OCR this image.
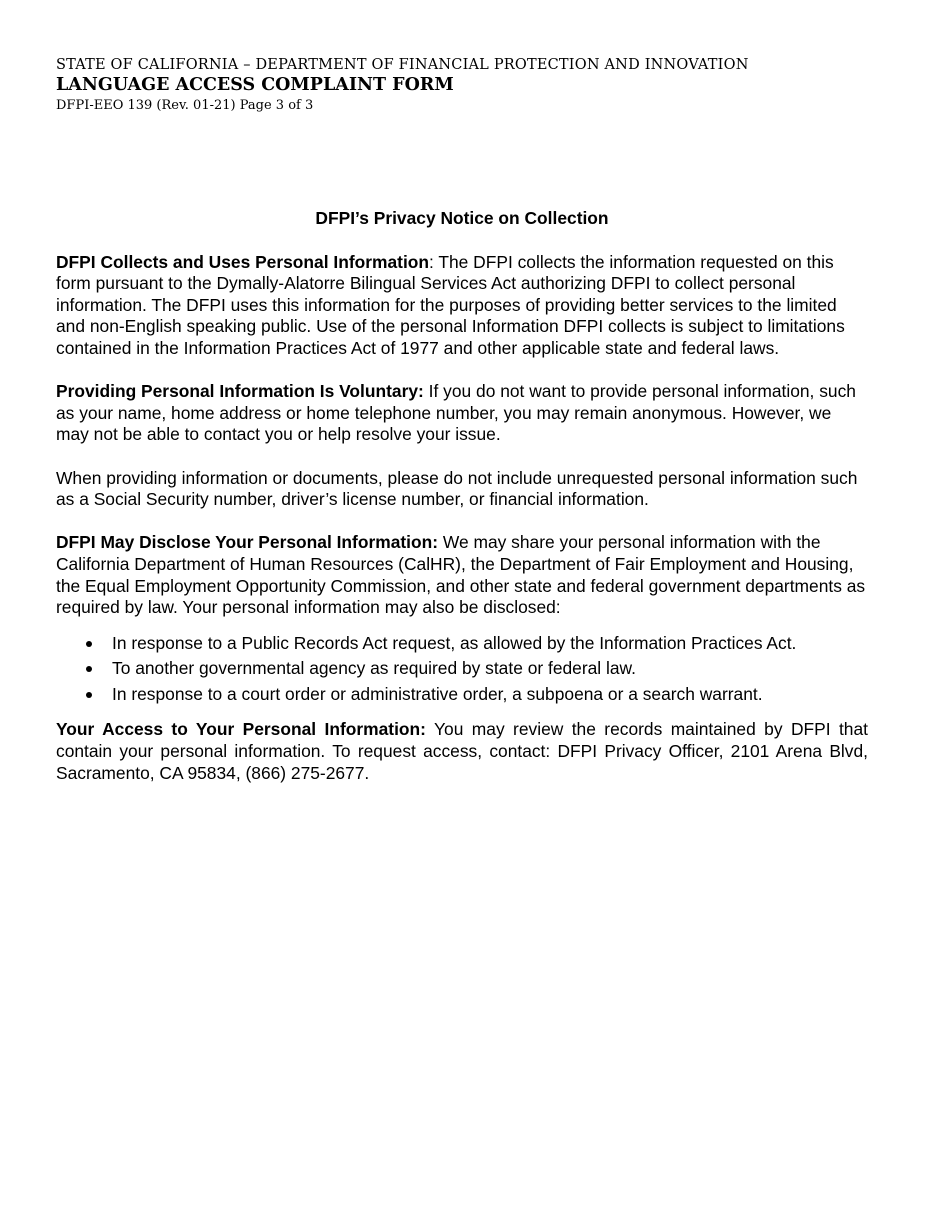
STATE OF CALIFORNIA – DEPARTMENT OF FINANCIAL PROTECTION AND INNOVATION
LANGUAGE ACCESS COMPLAINT FORM
DFPI-EEO 139 (Rev. 01-21) Page 3 of 3
DFPI’s Privacy Notice on Collection

DFPI Collects and Uses Personal Information: The DFPI collects the information requested on this form pursuant to the Dymally-Alatorre Bilingual Services Act authorizing DFPI to collect personal information. The DFPI uses this information for the purposes of providing better services to the limited and non-English speaking public. Use of the personal Information DFPI collects is subject to limitations contained in the Information Practices Act of 1977 and other applicable state and federal laws.

Providing Personal Information Is Voluntary: If you do not want to provide personal information, such as your name, home address or home telephone number, you may remain anonymous. However, we may not be able to contact you or help resolve your issue.

When providing information or documents, please do not include unrequested personal information such as a Social Security number, driver’s license number, or financial information.

DFPI May Disclose Your Personal Information: We may share your personal information with the California Department of Human Resources (CalHR), the Department of Fair Employment and Housing, the Equal Employment Opportunity Commission, and other state and federal government departments as required by law. Your personal information may also be disclosed:

In response to a Public Records Act request, as allowed by the Information Practices Act.
To another governmental agency as required by state or federal law.
In response to a court order or administrative order, a subpoena or a search warrant.

Your Access to Your Personal Information: You may review the records maintained by DFPI that contain your personal information. To request access, contact: DFPI Privacy Officer, 2101 Arena Blvd, Sacramento, CA 95834, (866) 275-2677.
